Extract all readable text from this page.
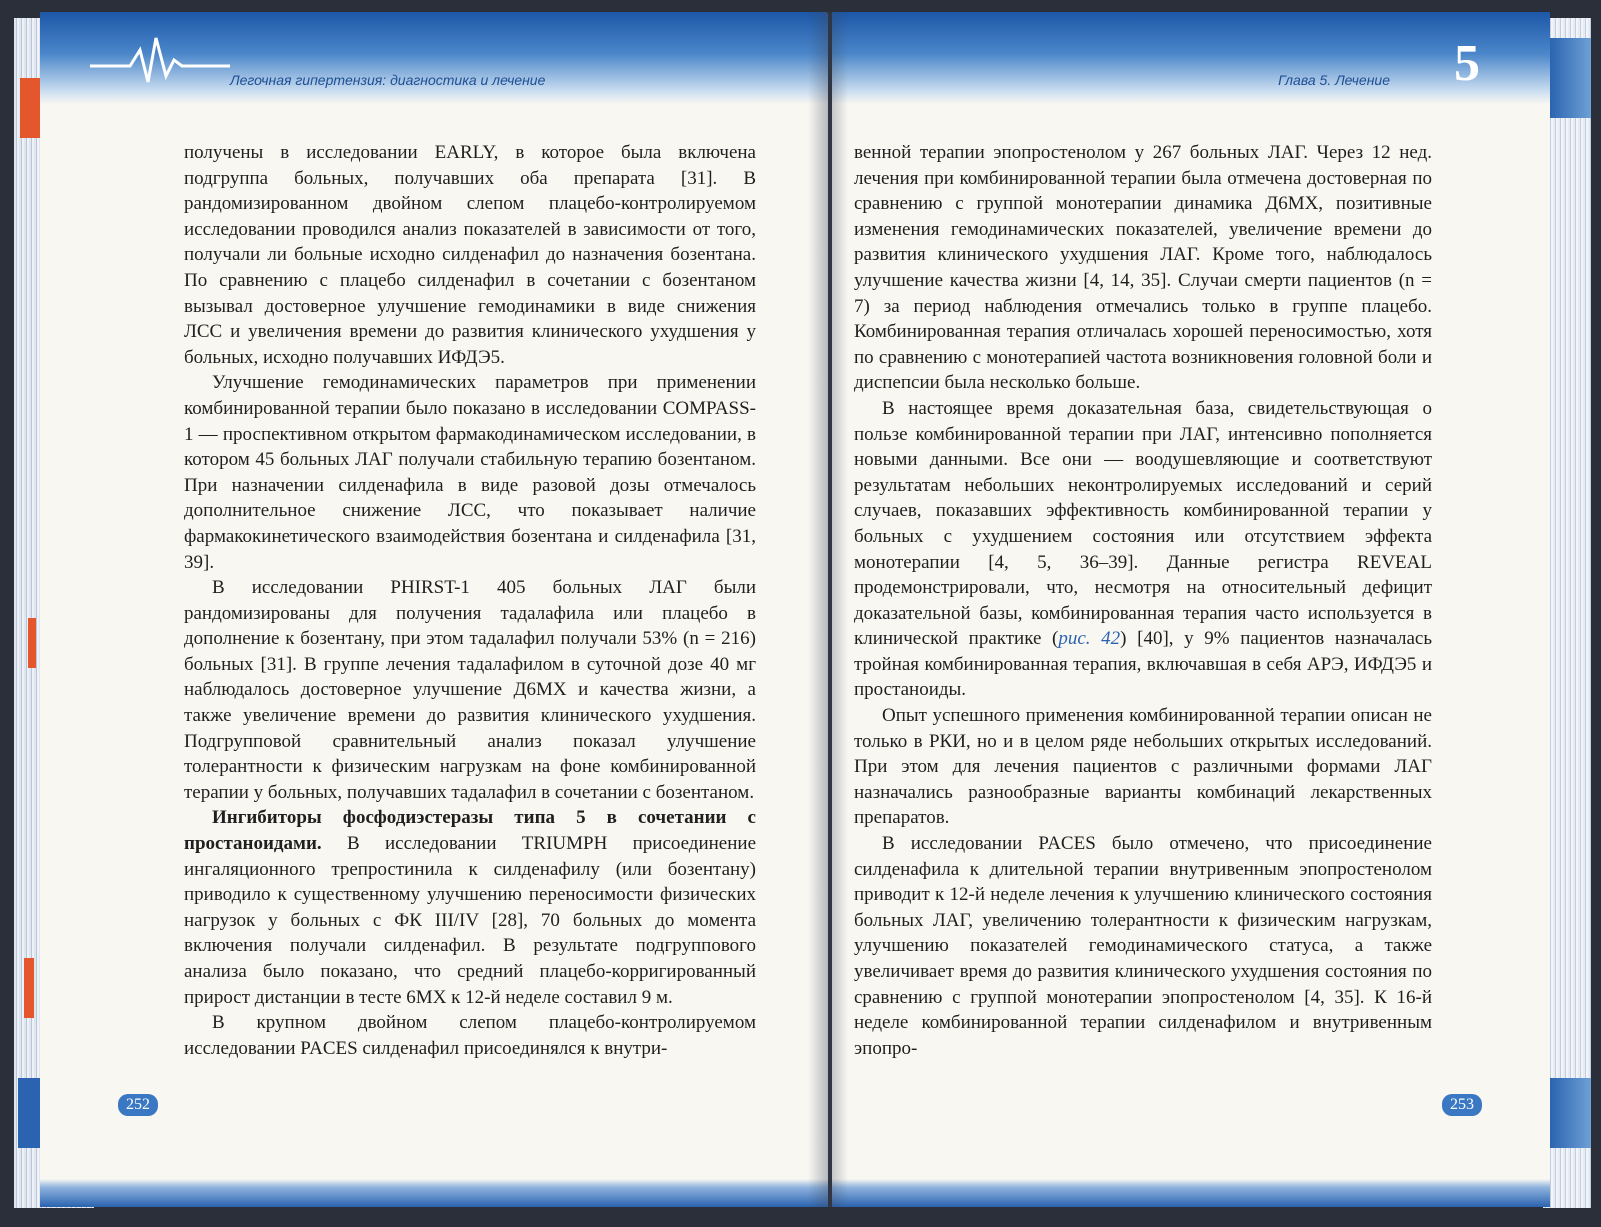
Легочная гипертензия: диагностика и лечение

получены в исследовании EARLY, в которое была включена подгруппа больных, получавших оба препарата [31]. В рандомизированном двойном слепом плацебо-контролируемом исследовании проводился анализ показателей в зависимости от того, получали ли больные исходно силденафил до назначения бозентана. По сравнению с плацебо силденафил в сочетании с бозентаном вызывал достоверное улучшение гемодинамики в виде снижения ЛСС и увеличения времени до развития клинического ухудшения у больных, исходно получавших ИФДЭ5.

Улучшение гемодинамических параметров при применении комбинированной терапии было показано в исследовании COMPASS-1 — проспективном открытом фармакодинамическом исследовании, в котором 45 больных ЛАГ получали стабильную терапию бозентаном. При назначении силденафила в виде разовой дозы отмечалось дополнительное снижение ЛСС, что показывает наличие фармакокинетического взаимодействия бозентана и силденафила [31, 39].

В исследовании PHIRST-1 405 больных ЛАГ были рандомизированы для получения тадалафила или плацебо в дополнение к бозентану, при этом тадалафил получали 53% (n = 216) больных [31]. В группе лечения тадалафилом в суточной дозе 40 мг наблюдалось достоверное улучшение Д6МХ и качества жизни, а также увеличение времени до развития клинического ухудшения. Подгрупповой сравнительный анализ показал улучшение толерантности к физическим нагрузкам на фоне комбинированной терапии у больных, получавших тадалафил в сочетании с бозентаном.

Ингибиторы фосфодиэстеразы типа 5 в сочетании с простаноидами. В исследовании TRIUMPH присоединение ингаляционного трепростинила к силденафилу (или бозентану) приводило к существенному улучшению переносимости физических нагрузок у больных с ФК III/IV [28], 70 больных до момента включения получали силденафил. В результате подгруппового анализа было показано, что средний плацебо-корригированный прирост дистанции в тесте 6МХ к 12-й неделе составил 9 м.

В крупном двойном слепом плацебо-контролируемом исследовании PACES силденафил присоединялся к внутри-

252
Глава 5. Лечение 5

венной терапии эпопростенолом у 267 больных ЛАГ. Через 12 нед. лечения при комбинированной терапии была отмечена достоверная по сравнению с группой монотерапии динамика Д6МХ, позитивные изменения гемодинамических показателей, увеличение времени до развития клинического ухудшения ЛАГ. Кроме того, наблюдалось улучшение качества жизни [4, 14, 35]. Случаи смерти пациентов (n = 7) за период наблюдения отмечались только в группе плацебо. Комбинированная терапия отличалась хорошей переносимостью, хотя по сравнению с монотерапией частота возникновения головной боли и диспепсии была несколько больше.

В настоящее время доказательная база, свидетельствующая о пользе комбинированной терапии при ЛАГ, интенсивно пополняется новыми данными. Все они — воодушевляющие и соответствуют результатам небольших неконтролируемых исследований и серий случаев, показавших эффективность комбинированной терапии у больных с ухудшением состояния или отсутствием эффекта монотерапии [4, 5, 36–39]. Данные регистра REVEAL продемонстрировали, что, несмотря на относительный дефицит доказательной базы, комбинированная терапия часто используется в клинической практике (рис. 42) [40], у 9% пациентов назначалась тройная комбинированная терапия, включавшая в себя АРЭ, ИФДЭ5 и простаноиды.

Опыт успешного применения комбинированной терапии описан не только в РКИ, но и в целом ряде небольших открытых исследований. При этом для лечения пациентов с различными формами ЛАГ назначались разнообразные варианты комбинаций лекарственных препаратов.

В исследовании PACES было отмечено, что присоединение силденафила к длительной терапии внутривенным эпопростенолом приводит к 12-й неделе лечения к улучшению клинического состояния больных ЛАГ, увеличению толерантности к физическим нагрузкам, улучшению показателей гемодинамического статуса, а также увеличивает время до развития клинического ухудшения состояния по сравнению с группой монотерапии эпопростенолом [4, 35]. К 16-й неделе комбинированной терапии силденафилом и внутривенным эпопро-

253
